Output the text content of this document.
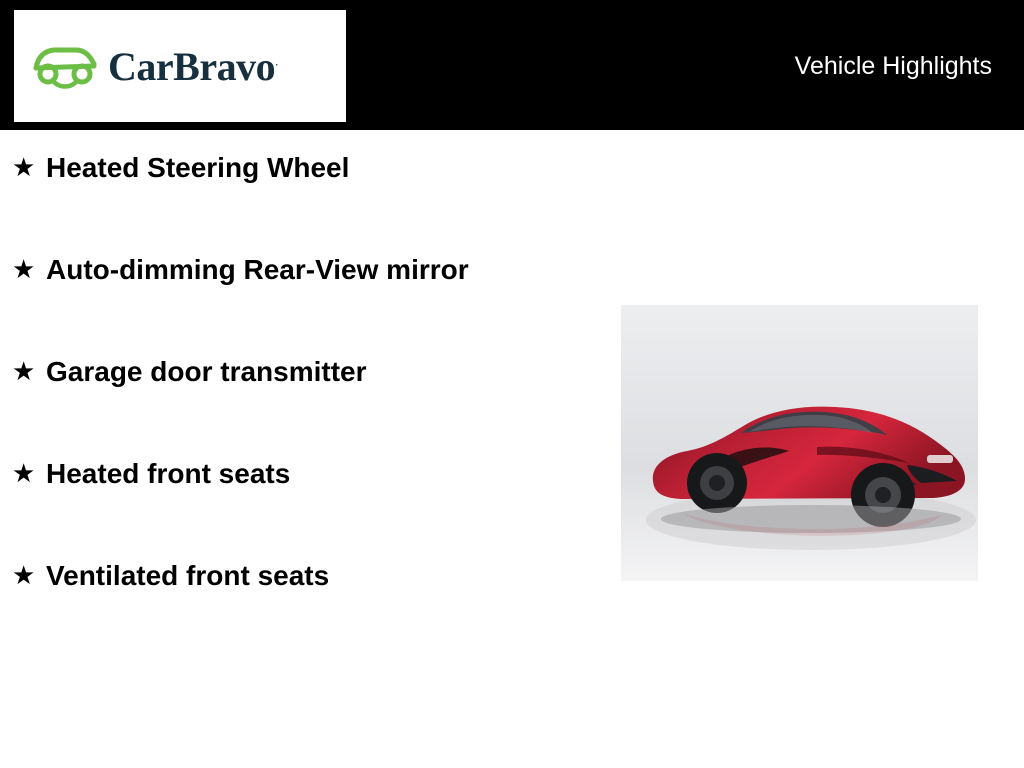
CarBravo.	Vehicle Highlights
★ Heated Steering Wheel
★ Auto-dimming Rear-View mirror
★ Garage door transmitter
★ Heated front seats
★ Ventilated front seats
